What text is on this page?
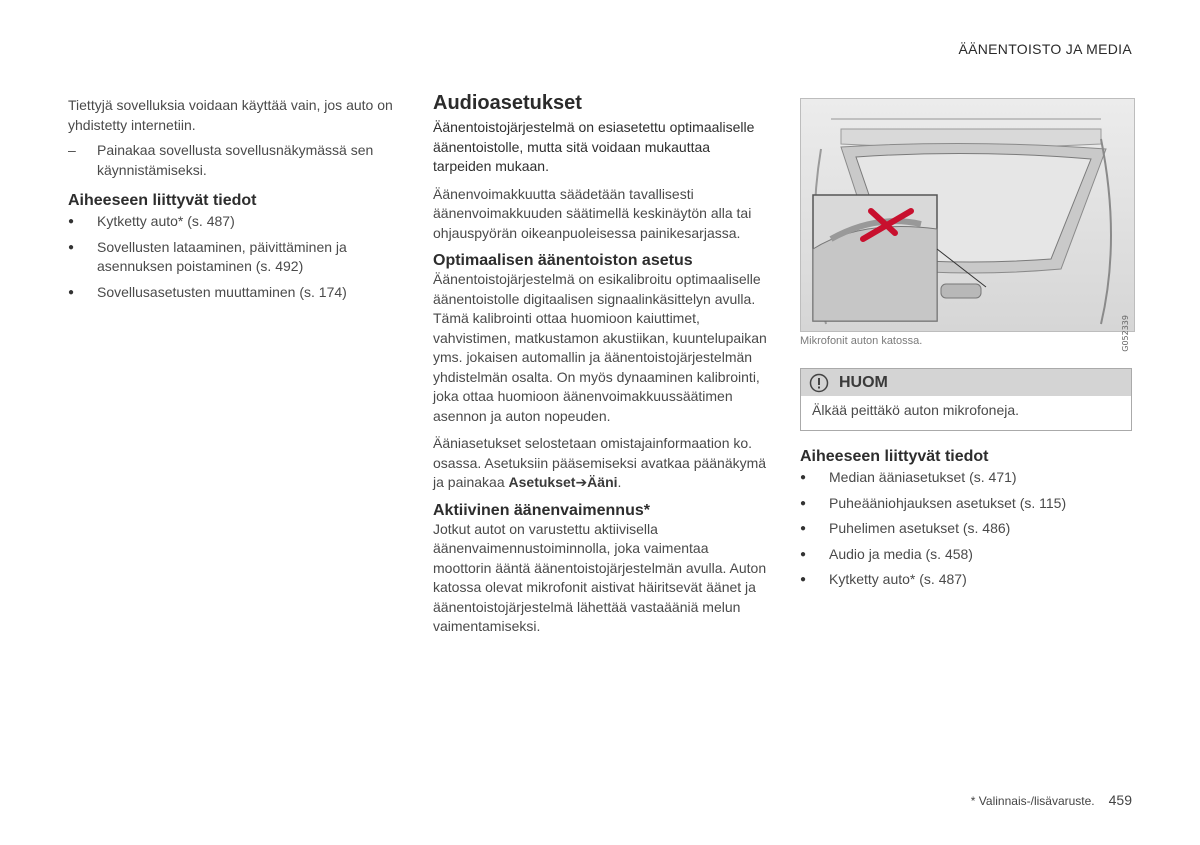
ÄÄNENTOISTO JA MEDIA

Tiettyjä sovelluksia voidaan käyttää vain, jos auto on yhdistetty internetiin.

–	Painakaa sovellusta sovellusnäkymässä sen käynnistämiseksi.
Aiheeseen liittyvät tiedot
● Kytketty auto* (s. 487)
● Sovellusten lataaminen, päivittäminen ja asennuksen poistaminen (s. 492)
● Sovellusasetusten muuttaminen (s. 174)
Audioasetukset

Äänentoistojärjestelmä on esiasetettu optimaaliselle äänentoistolle, mutta sitä voidaan mukauttaa tarpeiden mukaan.

Äänenvoimakkuutta säädetään tavallisesti äänenvoimakkuuden säätimellä keskinäytön alla tai ohjauspyörän oikeanpuoleisessa painikesarjassa.

Optimaalisen äänentoiston asetus

Äänentoistojärjestelmä on esikalibroitu optimaaliselle äänentoistolle digitaalisen signaalinkäsittelyn avulla. Tämä kalibrointi ottaa huomioon kaiuttimet, vahvistimen, matkustamon akustiikan, kuuntelupaikan yms. jokaisen automallin ja äänentoistojärjestelmän yhdistelmän osalta. On myös dynaaminen kalibrointi, joka ottaa huomioon äänenvoimakkuussäätimen asennon ja auton nopeuden.

Ääniasetukset selostetaan omistajainformaation ko. osassa. Asetuksiin pääsemiseksi avatkaa päänäkymä ja painakaa Asetukset➔Ääni.

Aktiivinen äänenvaimennus*

Jotkut autot on varustettu aktiivisella äänenvaimennustoiminnolla, joka vaimentaa moottorin ääntä äänentoistojärjestelmän avulla. Auton katossa olevat mikrofonit aistivat häiritsevät äänet ja äänentoistojärjestelmä lähettää vastaääniä melun vaimentamiseksi.

G052339
Mikrofonit auton katossa.
HUOM
Älkää peittäkö auton mikrofoneja.
Aiheeseen liittyvät tiedot
● Median ääniasetukset (s. 471)
● Puheääniohjauksen asetukset (s. 115)
● Puhelimen asetukset (s. 486)
● Audio ja media (s. 458)
● Kytketty auto* (s. 487)
* Valinnais-/lisävaruste. 459
